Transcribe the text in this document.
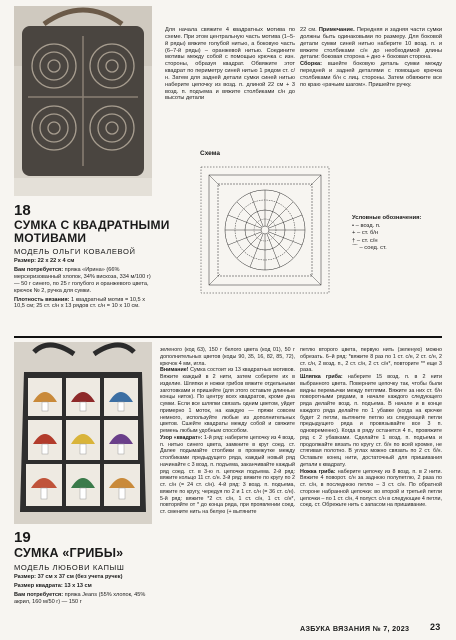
18
СУМКА С КВАДРАТНЫМИ
МОТИВАМИ
МОДЕЛЬ ОЛЬГИ КОВАЛЕВОЙ

Размер: 22 х 22 х 4 см

Вам потребуется: пряжа «Ирина» (66% мерсеризованный хлопок, 34% вискоза, 334 м/100 г) — 50 г синего, по 25 г голубого и оранжевого цвета, крючок № 2, ручка для сумки.

Плотность вязания: 1 квадратный мотив = 10,5 х 10,5 см; 25 ст. с/н х 13 рядов ст. с/н = 10 х 10 см.

Для начала свяжите 4 квадратных мотива по схеме. При этом центральную часть мотива (1–5-й ряды) вяжите голубой нитью, а боковую часть (6–7-й ряды) – оранжевой нитью. Соедините мотивы между собой с помощью крючка с изн. стороны, образуя квадрат. Обвяжите этот квадрат по периметру синей нитью 1 рядом ст. с/н. Затем для задней детали сумки синей нитью наберите цепочку из возд. п. длиной 22 см + 3 возд. п. подъема и вяжите столбиками с/н до высоты детали

22 см. Примечание. Передняя и задняя части сумки должны быть одинаковыми по размеру. Для боковой детали сумки синей нитью наберите 10 возд. п. и вяжите столбиками с/н до необходимой длины детали: боковая сторона + дно + боковая сторона.

Сборка: вшейте боковую деталь сумки между передней и задней деталями с помощью крючка столбиками б/н с лиц. стороны. Затем обвяжите все по краю «рачьим шагом». Пришейте ручку.

Схема
Условные обозначения:
• – возд. п.
+ – ст. б/н
† – ст. с/н
⌒ – соед. ст.
19
СУМКА «ГРИБЫ»
МОДЕЛЬ ЛЮБОВИ КАПЫШ

Размер: 37 см х 37 см (без учета ручек)

Размер квадрата: 13 х 13 см

Вам потребуется: пряжа Jeans (55% хлопок, 45% акрил, 160 м/50 г) — 150 г

зеленого (код 63), 150 г белого цвета (код 01), 50 г дополнительных цветов (коды 90, 35, 16, 82, 85, 72), крючок 4 мм, игла.

Внимание! Сумка состоит из 13 квадратных мотивов. Вяжите каждый в 2 нити, затем соберите их в изделие. Шляпки и ножки грибов вяжите отдельными заготовками и пришейте (для этого оставьте длинные концы ниток). По центру всех квадратов, кроме дна сумки. Если все шляпки связать одним цветом, уйдет примерно 1 моток, на каждую — пряжи совсем немного, используйте любые из дополнительных цветов. Сшейте квадраты между собой и свяжите ремень любым удобным способом.

Узор «квадрат»: 1-й ряд: наберите цепочку из 4 возд. п. нитью синего цвета, замкните в круг соед. ст. Далее подымайте столбики в промежутке между столбиками предыдущего ряда, каждый новый ряд начинайте с 3 возд. п. подъема, заканчивайте каждый ряд соед. ст. в 3-ю п. цепочки подъема. 2-й ряд: вяжите кольцо 11 ст. с/н. 3-й ряд: вяжите по кругу по 2 ст. с/н (= 24 ст. с/н). 4-й ряд: 3 возд. п. подъема, вяжите по кругу, чередуя по 2 и 1 ст. с/н (= 36 ст. с/н). 5-й ряд: вяжите *2 ст. с/н, 1 ст. с/н, 1 ст. с/н*, повторяйте от * до конца ряда, при проявлении соед. ст. смените нить на белую (+ вытяните

петлю второго цвета, первую нить (зеленую) можно обрезать. 6–й ряд: *вяжите 8 раз по 1 ст. с/н, 2 ст. с/н, 2 ст. с/н, 2 возд. п., 2 ст. с/н, 2 ст. с/н*, повторите ** еще 3 раза.

Шляпка гриба: наберите 15 возд. п. в 2 нити выбранного цвета. Поверните цепочку так, чтобы были видны перемычки между петлями. Вяжите за них ст. б/н поворотными рядами, в начале каждого следующего ряда делайте возд. п. подъема. В начале и в конце каждого ряда делайте по 1 убавке (когда на крючке будет 2 петли, вытяните петлю из следующей петли предыдущего ряда и провязывайте все 3 п. одновременно). Когда в ряду останется 4 п., провяжите ряд с 2 убавками. Сделайте 1 возд. п. подъема и продолжайте вязать по кругу ст. б/н по всей кромке, не стягивая полотно. В углах можно связать по 2 ст. б/н. Оставьте конец нити, достаточный для пришивания детали к квадрату.

Ножка гриба: наберите цепочку из 8 возд. п. в 2 нити. Вяжите 4 поворот. с/н за заднюю полупетлю, 2 раза по ст. с/н, в последнюю петлю – 3 ст. с/н. По обратной стороне набранной цепочки: во второй и третьей петли цепочки – по 1 ст. с/н, 4 полуст. с/н в следующие 4 петли, соед. ст. Обрежьте нить с запасом на пришивание.

АЗБУКА ВЯЗАНИЯ № 7, 2023 23
